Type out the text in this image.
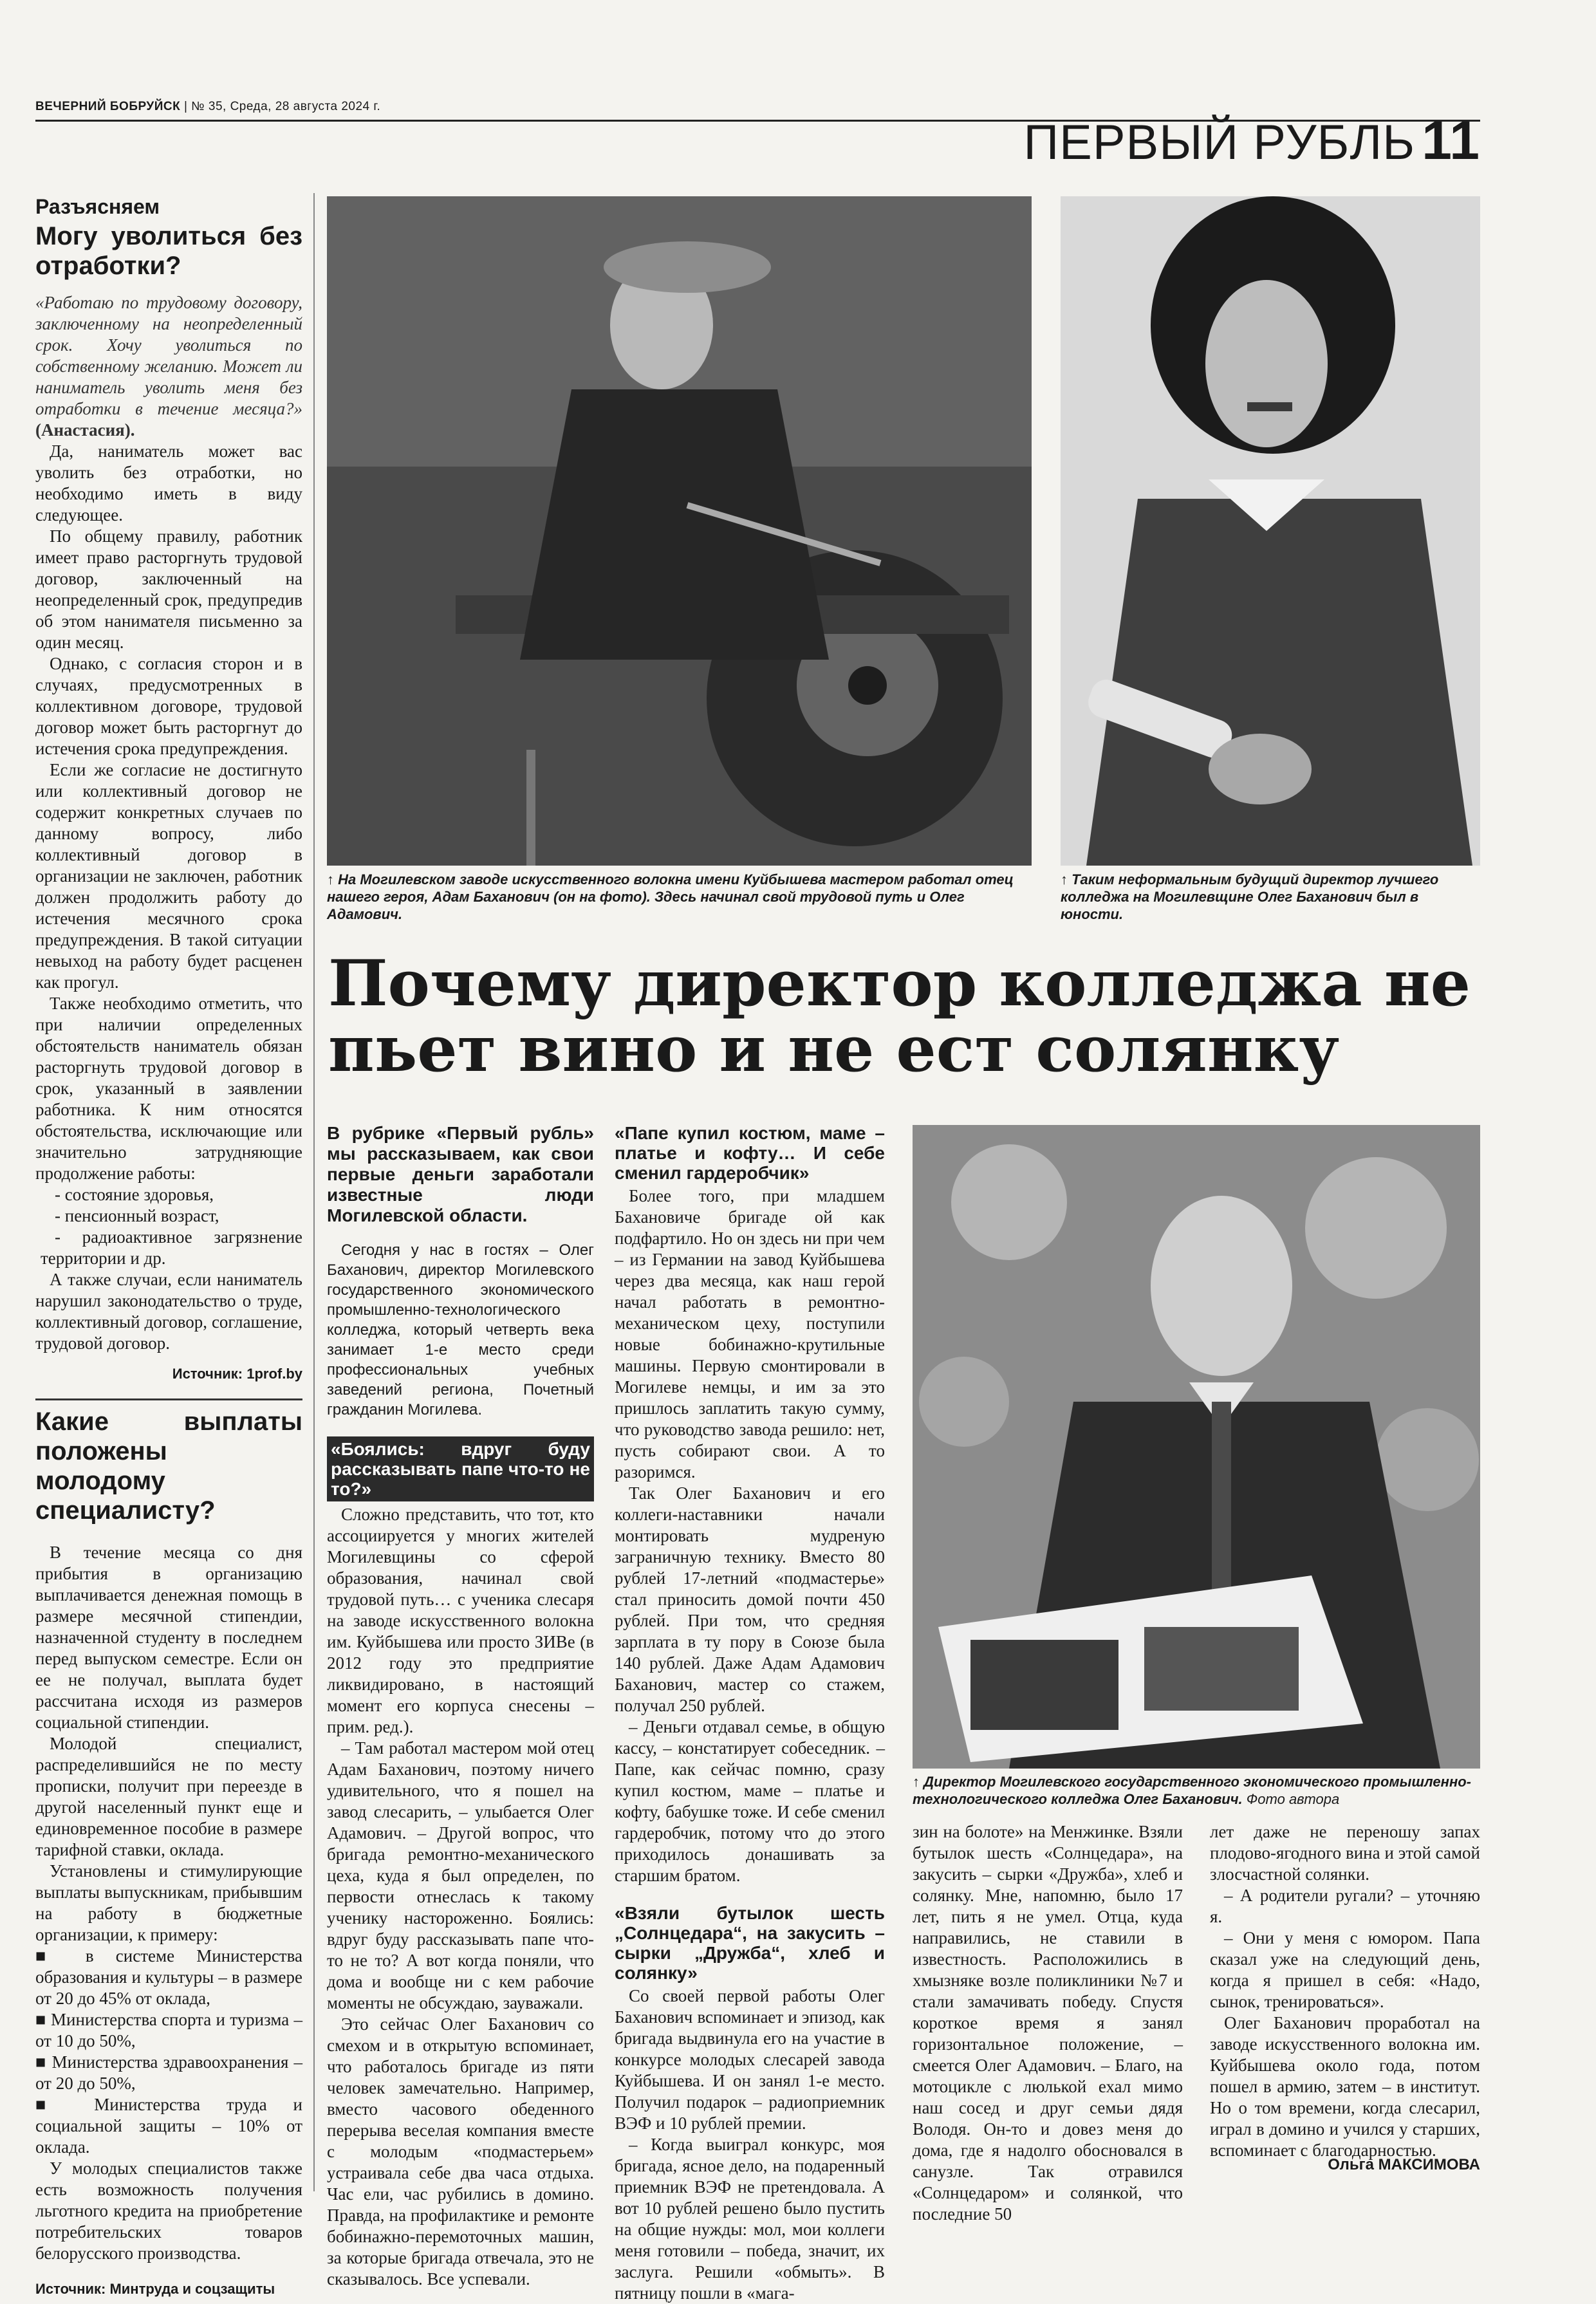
ВЕЧЕРНИЙ БОБРУЙСК | № 35, Среда, 28 августа 2024 г.
ПЕРВЫЙ РУБЛЬ 11
Разъясняем
Могу уволиться без отработки?

«Работаю по трудовому договору, заключенному на неопределенный срок. Хочу уволиться по собственному желанию. Может ли наниматель уволить меня без отработки в течение месяца?» (Анастасия).

Да, наниматель может вас уволить без отработки, но необходимо иметь в виду следующее.

По общему правилу, работник имеет право расторгнуть трудовой договор, заключенный на неопределенный срок, предупредив об этом нанимателя письменно за один месяц.

Однако, с согласия сторон и в случаях, предусмотренных в коллективном договоре, трудовой договор может быть расторгнут до истечения срока предупреждения.

Если же согласие не достигнуто или коллективный договор не содержит конкретных случаев по данному вопросу, либо коллективный договор в организации не заключен, работник должен продолжить работу до истечения месячного срока предупреждения. В такой ситуации невыход на работу будет расценен как прогул.

Также необходимо отметить, что при наличии определенных обстоятельств наниматель обязан расторгнуть трудовой договор в срок, указанный в заявлении работника. К ним относятся обстоятельства, исключающие или значительно затрудняющие продолжение работы:

- состояние здоровья,

- пенсионный возраст,

- радиоактивное загрязнение территории и др.

А также случаи, если наниматель нарушил законодательство о труде, коллективный договор, соглашение, трудовой договор.

Источник: 1prof.by
Какие выплаты положены молодому специалисту?

В течение месяца со дня прибытия в организацию выплачивается денежная помощь в размере месячной стипендии, назначенной студенту в последнем перед выпуском семестре. Если он ее не получал, выплата будет рассчитана исходя из размеров социальной стипендии.

Молодой специалист, распределившийся не по месту прописки, получит при переезде в другой населенный пункт еще и единовременное пособие в размере тарифной ставки, оклада.

Установлены и стимулирующие выплаты выпускникам, прибывшим на работу в бюджетные организации, к примеру:

■ в системе Министерства образования и культуры – в размере от 20 до 45% от оклада,

■ Министерства спорта и туризма – от 10 до 50%,

■ Министерства здравоохранения – от 20 до 50%,

■ Министерства труда и социальной защиты – 10% от оклада.

У молодых специалистов также есть возможность получения льготного кредита на приобретение потребительских товаров белорусского производства.

Источник: Минтруда и соцзащиты
↑ На Могилевском заводе искусственного волокна имени Куйбышева мастером работал отец нашего героя, Адам Баханович (он на фото). Здесь начинал свой трудовой путь и Олег Адамович.
↑ Таким неформальным будущий директор лучшего колледжа на Могилевщине Олег Баханович был в юности.
Почему директор колледжа не пьет вино и не ест солянку
В рубрике «Первый рубль» мы рассказываем, как свои первые деньги заработали известные люди Могилевской области.

Сегодня у нас в гостях – Олег Баханович, директор Могилевского государственного экономического промышленно-технологического колледжа, который четверть века занимает 1-е место среди профессиональных учебных заведений региона, Почетный гражданин Могилева.

«Боялись: вдруг буду рассказывать папе что-то не то?»

Сложно представить, что тот, кто ассоциируется у многих жителей Могилевщины со сферой образования, начинал свой трудовой путь… с ученика слесаря на заводе искусственного волокна им. Куйбышева или просто ЗИВе (в 2012 году это предприятие ликвидировано, в настоящий момент его корпуса снесены – прим. ред.).

– Там работал мастером мой отец Адам Баханович, поэтому ничего удивительного, что я пошел на завод слесарить, – улыбается Олег Адамович. – Другой вопрос, что бригада ремонтно-механического цеха, куда я был определен, по первости отнеслась к такому ученику настороженно. Боялись: вдруг буду рассказывать папе что-то не то? А вот когда поняли, что дома и вообще ни с кем рабочие моменты не обсуждаю, зауважали.

Это сейчас Олег Баханович со смехом и в открытую вспоминает, что работалось бригаде из пяти человек замечательно. Например, вместо часового обеденного перерыва веселая компания вместе с молодым «подмастерьем» устраивала себе два часа отдыха. Час ели, час рубились в домино. Правда, на профилактике и ремонте бобинажно-перемоточных машин, за которые бригада отвечала, это не сказывалось. Все успевали.

«Папе купил костюм, маме – платье и кофту… И себе сменил гардеробчик»

Более того, при младшем Бахановиче бригаде ой как подфартило. Но он здесь ни при чем – из Германии на завод Куйбышева через два месяца, как наш герой начал работать в ремонтно-механическом цеху, поступили новые бобинажно-крутильные машины. Первую смонтировали в Могилеве немцы, и им за это пришлось заплатить такую сумму, что руководство завода решило: нет, пусть собирают свои. А то разоримся.

Так Олег Баханович и его коллеги-наставники начали монтировать мудреную заграничную технику. Вместо 80 рублей 17-летний «подмастерье» стал приносить домой почти 450 рублей. При том, что средняя зарплата в ту пору в Союзе была 140 рублей. Даже Адам Адамович Баханович, мастер со стажем, получал 250 рублей.

– Деньги отдавал семье, в общую кассу, – констатирует собеседник. – Папе, как сейчас помню, сразу купил костюм, маме – платье и кофту, бабушке тоже. И себе сменил гардеробчик, потому что до этого приходилось донашивать за старшим братом.

«Взяли бутылок шесть „Солнцедара“, на закусить – сырки „Дружба“, хлеб и солянку»

Со своей первой работы Олег Баханович вспоминает и эпизод, как бригада выдвинула его на участие в конкурсе молодых слесарей завода Куйбышева. И он занял 1-е место. Получил подарок – радиоприемник ВЭФ и 10 рублей премии.

– Когда выиграл конкурс, моя бригада, ясное дело, на подаренный приемник ВЭФ не претендовала. А вот 10 рублей решено было пустить на общие нужды: мол, мои коллеги меня готовили – победа, значит, их заслуга. Решили «обмыть». В пятницу пошли в «мага-

↑ Директор Могилевского государственного экономического промышленно-технологического колледжа Олег Баханович. Фото автора

зин на болоте» на Менжинке. Взяли бутылок шесть «Солнцедара», на закусить – сырки «Дружба», хлеб и солянку. Мне, напомню, было 17 лет, пить я не умел. Отца, куда направились, не ставили в известность. Расположились в хмызняке возле поликлиники №7 и стали замачивать победу. Спустя короткое время я занял горизонтальное положение, – смеется Олег Адамович. – Благо, на мотоцикле с люлькой ехал мимо наш сосед и друг семьи дядя Володя. Он-то и довез меня до дома, где я надолго обосновался в санузле. Так отравился «Солнцедаром» и солянкой, что последние 50

лет даже не переношу запах плодово-ягодного вина и этой самой злосчастной солянки.

– А родители ругали? – уточняю я.

– Они у меня с юмором. Папа сказал уже на следующий день, когда я пришел в себя: «Надо, сынок, тренироваться».

Олег Баханович проработал на заводе искусственного волокна им. Куйбышева около года, потом пошел в армию, затем – в институт. Но о том времени, когда слесарил, играл в домино и учился у старших, вспоминает с благодарностью.

Ольга МАКСИМОВА
